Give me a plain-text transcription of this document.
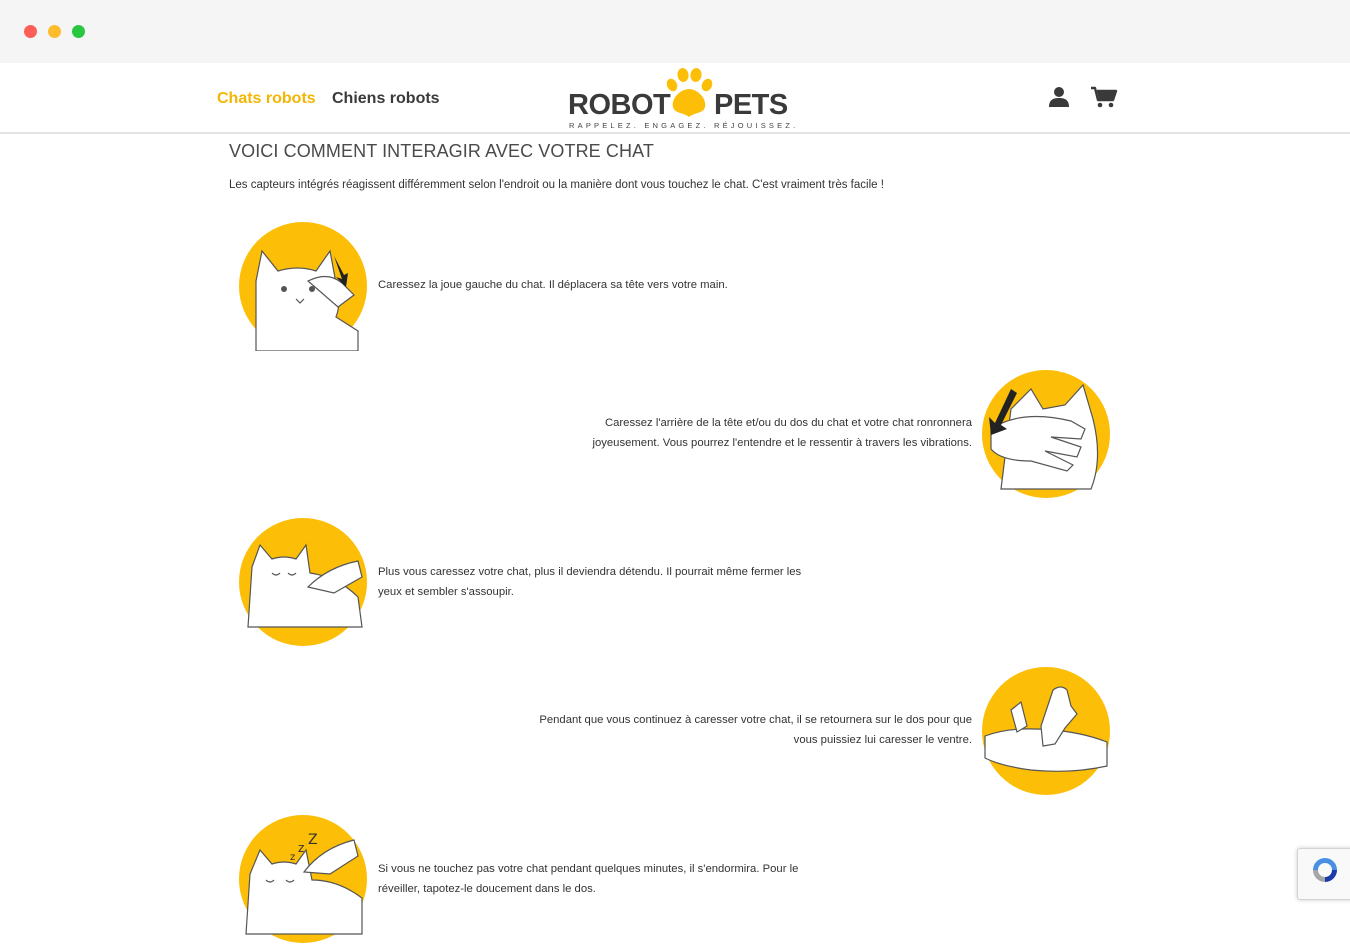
Chats robots Chiens robots	ROBOT PETS
RAPPELEZ. ENGAGEZ. RÉJOUISSEZ.
VOICI COMMENT INTERAGIR AVEC VOTRE CHAT

Les capteurs intégrés réagissent différemment selon l'endroit ou la manière dont vous touchez le chat. C'est vraiment très facile !

Caressez la joue gauche du chat. Il déplacera sa tête vers votre main.
Caressez l'arrière de la tête et/ou du dos du chat et votre chat ronronnera joyeusement. Vous pourrez l'entendre et le ressentir à travers les vibrations.
Plus vous caressez votre chat, plus il deviendra détendu. Il pourrait même fermer les yeux et sembler s'assoupir.
Pendant que vous continuez à caresser votre chat, il se retournera sur le dos pour que vous puissiez lui caresser le ventre.
z
z Z
Si vous ne touchez pas votre chat pendant quelques minutes, il s'endormira. Pour le réveiller, tapotez-le doucement dans le dos.
